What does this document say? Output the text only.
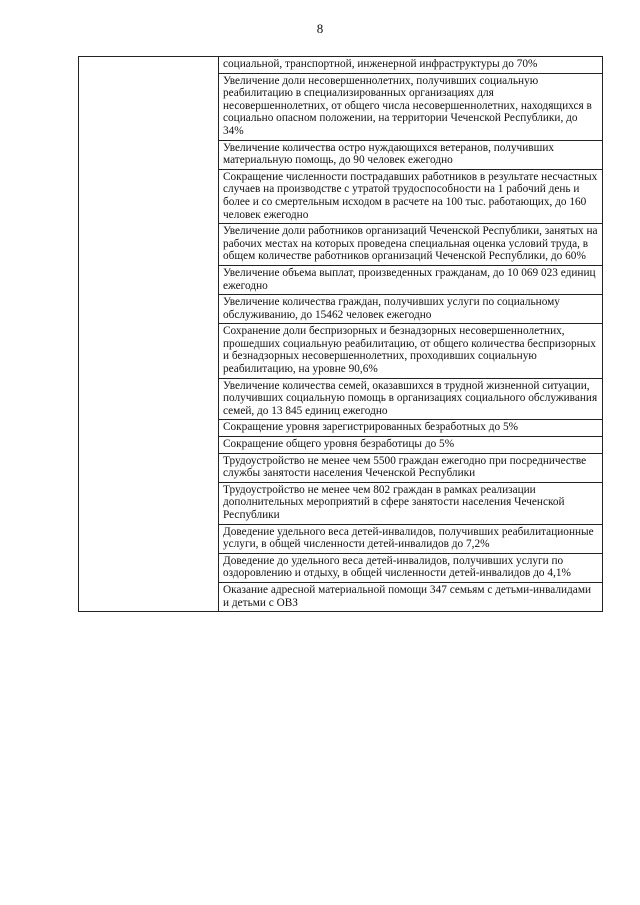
8

социальной, транспортной, инженерной инфраструктуры до 70%

Увеличение доли несовершеннолетних, получивших социальную реабилитацию в специализированных организациях для несовершеннолетних, от общего числа несовершеннолетних, находящихся в социально опасном положении, на территории Чеченской Республики, до 34%

Увеличение количества остро нуждающихся ветеранов, получивших материальную помощь, до 90 человек ежегодно

Сокращение численности пострадавших работников в результате несчастных случаев на производстве с утратой трудоспособности на 1 рабочий день и более и со смертельным исходом в расчете на 100 тыс. работающих, до 160 человек ежегодно

Увеличение доли работников организаций Чеченской Республики, занятых на рабочих местах на которых проведена специальная оценка условий труда, в общем количестве работников организаций Чеченской Республики, до 60%

Увеличение объема выплат, произведенных гражданам, до 10 069 023 единиц ежегодно

Увеличение количества граждан, получивших услуги по социальному обслуживанию, до 15462 человек ежегодно

Сохранение доли беспризорных и безнадзорных несовершеннолетних, прошедших социальную реабилитацию, от общего количества беспризорных и безнадзорных несовершеннолетних, проходивших социальную реабилитацию, на уровне 90,6%

Увеличение количества семей, оказавшихся в трудной жизненной ситуации, получивших социальную помощь в организациях социального обслуживания семей, до 13 845 единиц ежегодно

Сокращение уровня зарегистрированных безработных до 5%

Сокращение общего уровня безработицы до 5%

Трудоустройство не менее чем 5500 граждан ежегодно при посредничестве службы занятости населения Чеченской Республики

Трудоустройство не менее чем 802 граждан в рамках реализации дополнительных мероприятий в сфере занятости населения Чеченской Республики

Доведение удельного веса детей-инвалидов, получивших реабилитационные услуги, в общей численности детей-инвалидов до 7,2%

Доведение до удельного веса детей-инвалидов, получивших услуги по оздоровлению и отдыху, в общей численности детей-инвалидов до 4,1%

Оказание адресной материальной помощи 347 семьям с детьми-инвалидами и детьми с ОВЗ
